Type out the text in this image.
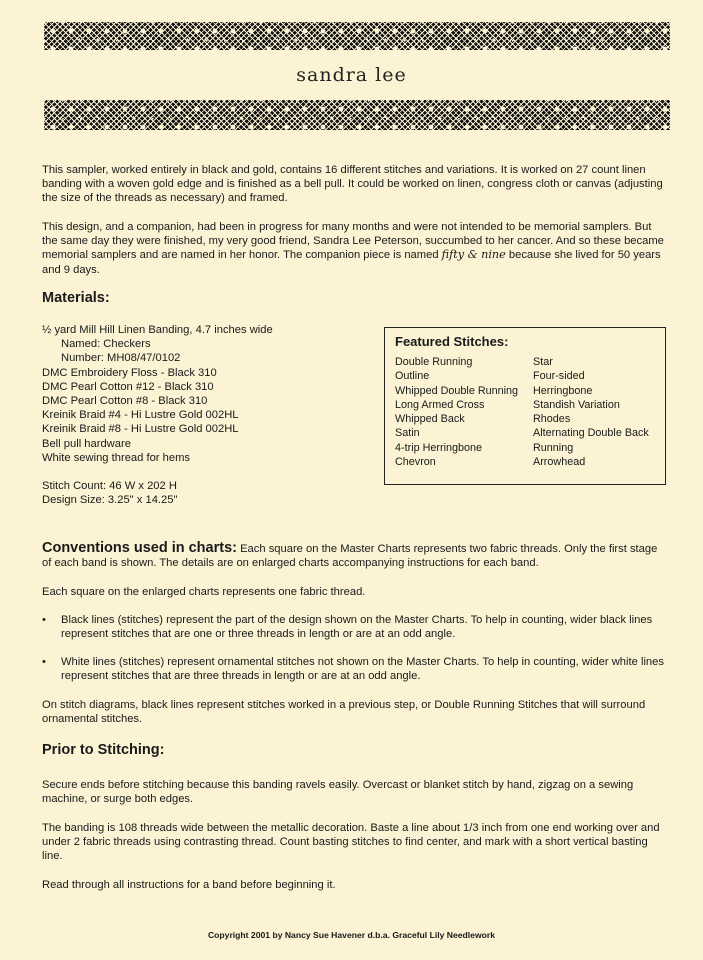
sandra lee

This sampler, worked entirely in black and gold, contains 16 different stitches and variations. It is worked on 27 count linen banding with a woven gold edge and is finished as a bell pull. It could be worked on linen, congress cloth or canvas (adjusting the size of the threads as necessary) and framed.

This design, and a companion, had been in progress for many months and were not intended to be memorial samplers. But the same day they were finished, my very good friend, Sandra Lee Peterson, succumbed to her cancer. And so these became memorial samplers and are named in her honor. The companion piece is named fifty & nine because she lived for 50 years and 9 days.

Materials:
½ yard Mill Hill Linen Banding, 4.7 inches wide
Named: Checkers
Number: MH08/47/0102
DMC Embroidery Floss - Black 310
DMC Pearl Cotton #12 - Black 310
DMC Pearl Cotton #8 - Black 310
Kreinik Braid #4 - Hi Lustre Gold 002HL
Kreinik Braid #8 - Hi Lustre Gold 002HL
Bell pull hardware
White sewing thread for hems
Stitch Count: 46 W x 202 H
Design Size: 3.25" x 14.25"
Featured Stitches:
Double Running
Outline
Whipped Double Running
Long Armed Cross
Whipped Back
Satin
4-trip Herringbone
Chevron
Star
Four-sided
Herringbone
Standish Variation
Rhodes
Alternating Double Back
Running
Arrowhead

Conventions used in charts: Each square on the Master Charts represents two fabric threads. Only the first stage of each band is shown. The details are on enlarged charts accompanying instructions for each band.

Each square on the enlarged charts represents one fabric thread.

• Black lines (stitches) represent the part of the design shown on the Master Charts. To help in counting, wider black lines represent stitches that are one or three threads in length or are at an odd angle.
• White lines (stitches) represent ornamental stitches not shown on the Master Charts. To help in counting, wider white lines represent stitches that are three threads in length or are at an odd angle.

On stitch diagrams, black lines represent stitches worked in a previous step, or Double Running Stitches that will surround ornamental stitches.

Prior to Stitching:

Secure ends before stitching because this banding ravels easily. Overcast or blanket stitch by hand, zigzag on a sewing machine, or surge both edges.

The banding is 108 threads wide between the metallic decoration. Baste a line about 1/3 inch from one end working over and under 2 fabric threads using contrasting thread. Count basting stitches to find center, and mark with a short vertical basting line.

Read through all instructions for a band before beginning it.

Copyright 2001 by Nancy Sue Havener d.b.a. Graceful Lily Needlework
